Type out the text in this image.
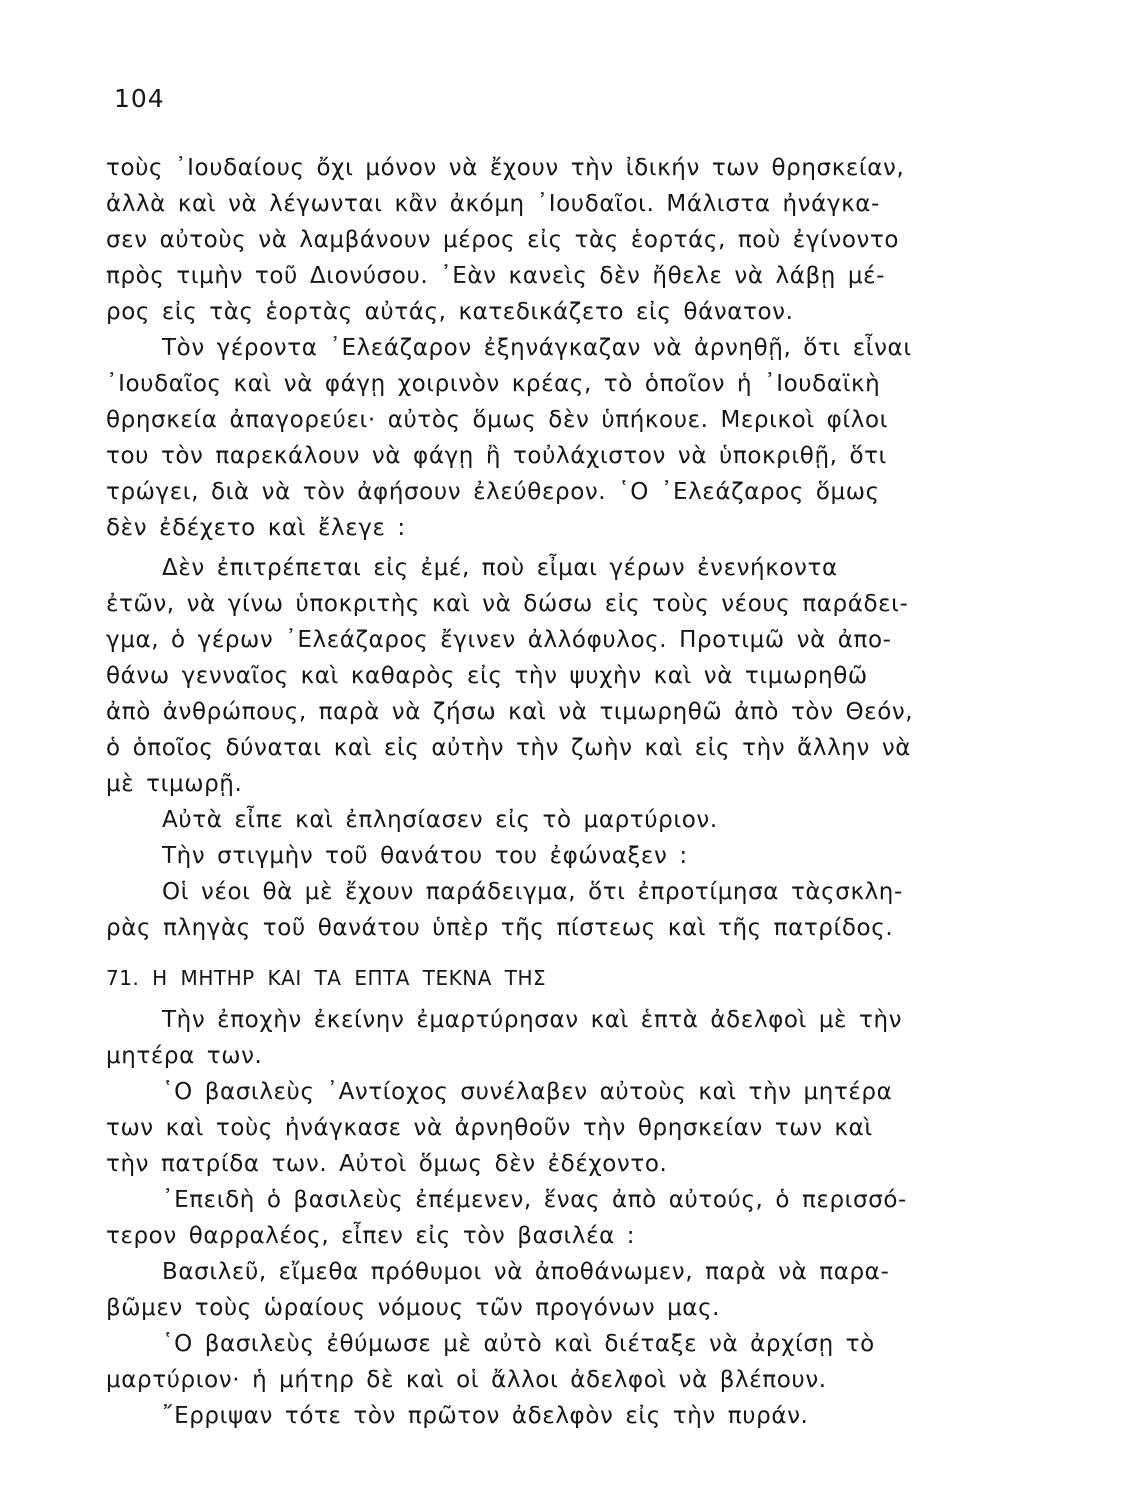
104
τοὺς ᾿Ιουδαίους ὄχι μόνον νὰ ἔχουν τὴν ἰδικήν των θρησκείαν,
ἀλλὰ καὶ νὰ λέγωνται κἂν ἀκόμη ᾿Ιουδαῖοι. Μάλιστα ἠνάγκα-
σεν αὐτοὺς νὰ λαμβάνουν μέρος εἰς τὰς ἑορτάς, ποὺ ἐγίνοντο
πρὸς τιμὴν τοῦ Διονύσου. ᾿Εὰν κανεὶς δὲν ἤθελε νὰ λάβῃ μέ-
ρος εἰς τὰς ἑορτὰς αὐτάς, κατεδικάζετο εἰς θάνατον.
Τὸν γέροντα ᾿Ελεάζαρον ἐξηνάγκαζαν νὰ ἀρνηθῇ, ὅτι εἶναι
᾿Ιουδαῖος καὶ νὰ φάγῃ χοιρινὸν κρέας, τὸ ὁποῖον ἡ ᾿Ιουδαϊκὴ
θρησκεία ἀπαγορεύει· αὐτὸς ὅμως δὲν ὑπήκουε. Μερικοὶ φίλοι
του τὸν παρεκάλουν νὰ φάγῃ ἢ τοὐλάχιστον νὰ ὑποκριθῇ, ὅτι
τρώγει, διὰ νὰ τὸν ἀφήσουν ἐλεύθερον. ῾Ο ᾿Ελεάζαρος ὅμως
δὲν ἐδέχετο καὶ ἔλεγε :
Δὲν ἐπιτρέπεται εἰς ἐμέ, ποὺ εἶμαι γέρων ἐνενήκοντα
ἐτῶν, νὰ γίνω ὑποκριτὴς καὶ νὰ δώσω εἰς τοὺς νέους παράδει-
γμα, ὁ γέρων ᾿Ελεάζαρος ἔγινεν ἀλλόφυλος. Προτιμῶ νὰ ἀπο-
θάνω γενναῖος καὶ καθαρὸς εἰς τὴν ψυχὴν καὶ νὰ τιμωρηθῶ
ἀπὸ ἀνθρώπους, παρὰ νὰ ζήσω καὶ νὰ τιμωρηθῶ ἀπὸ τὸν Θεόν,
ὁ ὁποῖος δύναται καὶ εἰς αὐτὴν τὴν ζωὴν καὶ εἰς τὴν ἄλλην νὰ
μὲ τιμωρῇ.
Αὐτὰ εἶπε καὶ ἐπλησίασεν εἰς τὸ μαρτύριον.
Τὴν στιγμὴν τοῦ θανάτου του ἐφώναξεν :
Οἱ νέοι θὰ μὲ ἔχουν παράδειγμα, ὅτι ἐπροτίμησα τὰςσκλη-
ρὰς πληγὰς τοῦ θανάτου ὑπὲρ τῆς πίστεως καὶ τῆς πατρίδος.
71. Η ΜΗΤΗΡ ΚΑΙ ΤΑ ΕΠΤΑ ΤΕΚΝΑ ΤΗΣ
Τὴν ἐποχὴν ἐκείνην ἐμαρτύρησαν καὶ ἑπτὰ ἀδελφοὶ μὲ τὴν
μητέρα των.
῾Ο βασιλεὺς ᾿Αντίοχος συνέλαβεν αὐτοὺς καὶ τὴν μητέρα
των καὶ τοὺς ἠνάγκασε νὰ ἀρνηθοῦν τὴν θρησκείαν των καὶ
τὴν πατρίδα των. Αὐτοὶ ὅμως δὲν ἐδέχοντο.
᾿Επειδὴ ὁ βασιλεὺς ἐπέμενεν, ἕνας ἀπὸ αὐτούς, ὁ περισσό-
τερον θαρραλέος, εἶπεν εἰς τὸν βασιλέα :
Βασιλεῦ, εἴμεθα πρόθυμοι νὰ ἀποθάνωμεν, παρὰ νὰ παρα-
βῶμεν τοὺς ὡραίους νόμους τῶν προγόνων μας.
῾Ο βασιλεὺς ἐθύμωσε μὲ αὐτὸ καὶ διέταξε νὰ ἀρχίσῃ τὸ
μαρτύριον· ἡ μήτηρ δὲ καὶ οἱ ἄλλοι ἀδελφοὶ νὰ βλέπουν.
῎Ερριψαν τότε τὸν πρῶτον ἀδελφὸν εἰς τὴν πυράν.
